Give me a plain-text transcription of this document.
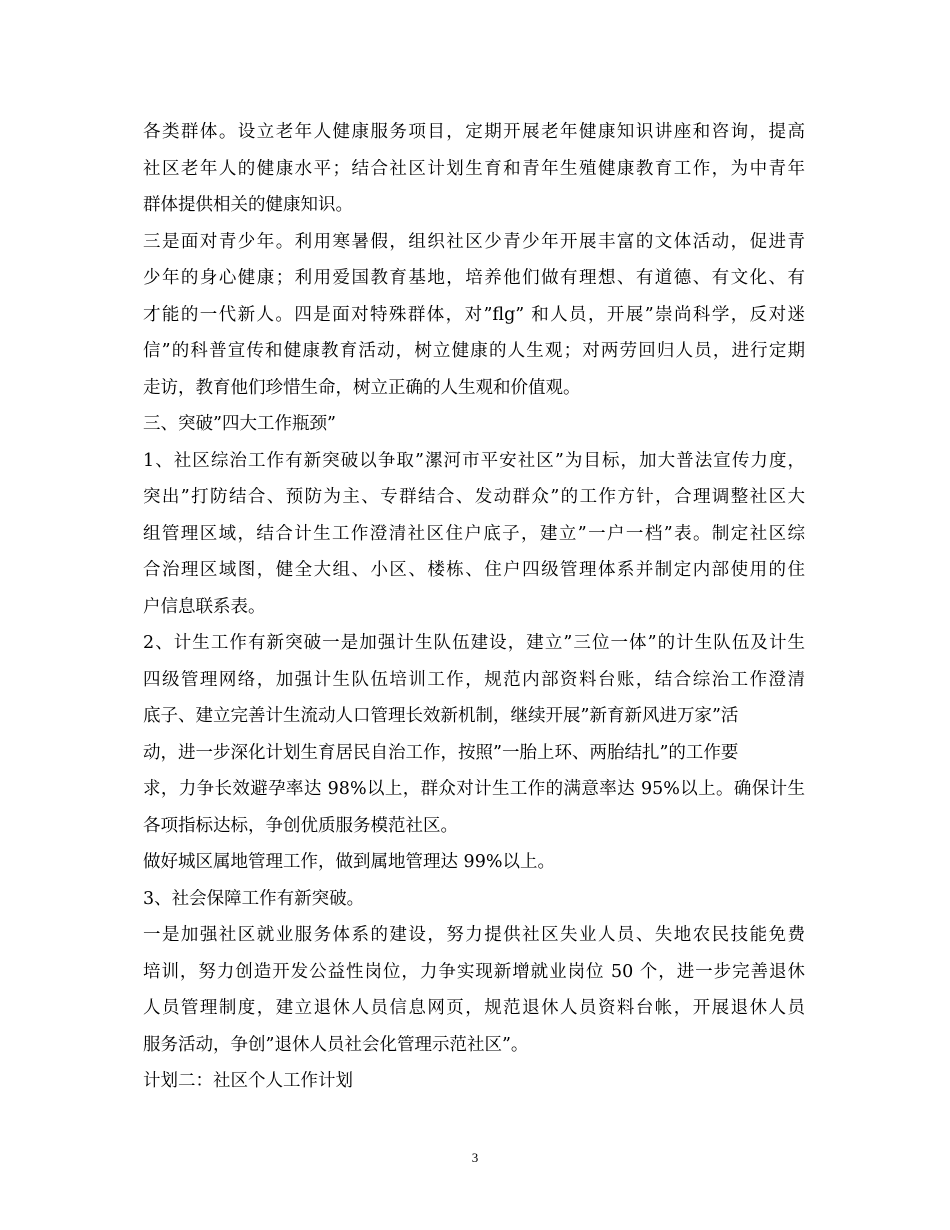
各类群体。设立老年人健康服务项目，定期开展老年健康知识讲座和咨询，提高
社区老年人的健康水平；结合社区计划生育和青年生殖健康教育工作，为中青年
群体提供相关的健康知识。
三是面对青少年。利用寒暑假，组织社区少青少年开展丰富的文体活动，促进青
少年的身心健康；利用爱国教育基地，培养他们做有理想、有道德、有文化、有
才能的一代新人。四是面对特殊群体，对”flg” 和人员，开展”崇尚科学，反对迷
信”的科普宣传和健康教育活动，树立健康的人生观；对两劳回归人员，进行定期
走访，教育他们珍惜生命，树立正确的人生观和价值观。
三、突破”四大工作瓶颈”
1、社区综治工作有新突破以争取”漯河市平安社区”为目标，加大普法宣传力度，
突出”打防结合、预防为主、专群结合、发动群众”的工作方针，合理调整社区大
组管理区域，结合计生工作澄清社区住户底子，建立”一户一档”表。制定社区综
合治理区域图，健全大组、小区、楼栋、住户四级管理体系并制定内部使用的住
户信息联系表。
2、计生工作有新突破一是加强计生队伍建设，建立”三位一体”的计生队伍及计生
四级管理网络，加强计生队伍培训工作，规范内部资料台账，结合综治工作澄清
底子、建立完善计生流动人口管理长效新机制，继续开展”新育新风进万家”活
动，进一步深化计划生育居民自治工作，按照”一胎上环、两胎结扎”的工作要
求，力争长效避孕率达 98%以上，群众对计生工作的满意率达 95%以上。确保计生
各项指标达标，争创优质服务模范社区。
做好城区属地管理工作，做到属地管理达 99%以上。
3、社会保障工作有新突破。
一是加强社区就业服务体系的建设，努力提供社区失业人员、失地农民技能免费
培训，努力创造开发公益性岗位，力争实现新增就业岗位 50 个，进一步完善退休
人员管理制度，建立退休人员信息网页，规范退休人员资料台帐，开展退休人员
服务活动，争创”退休人员社会化管理示范社区”。
计划二：社区个人工作计划
3
